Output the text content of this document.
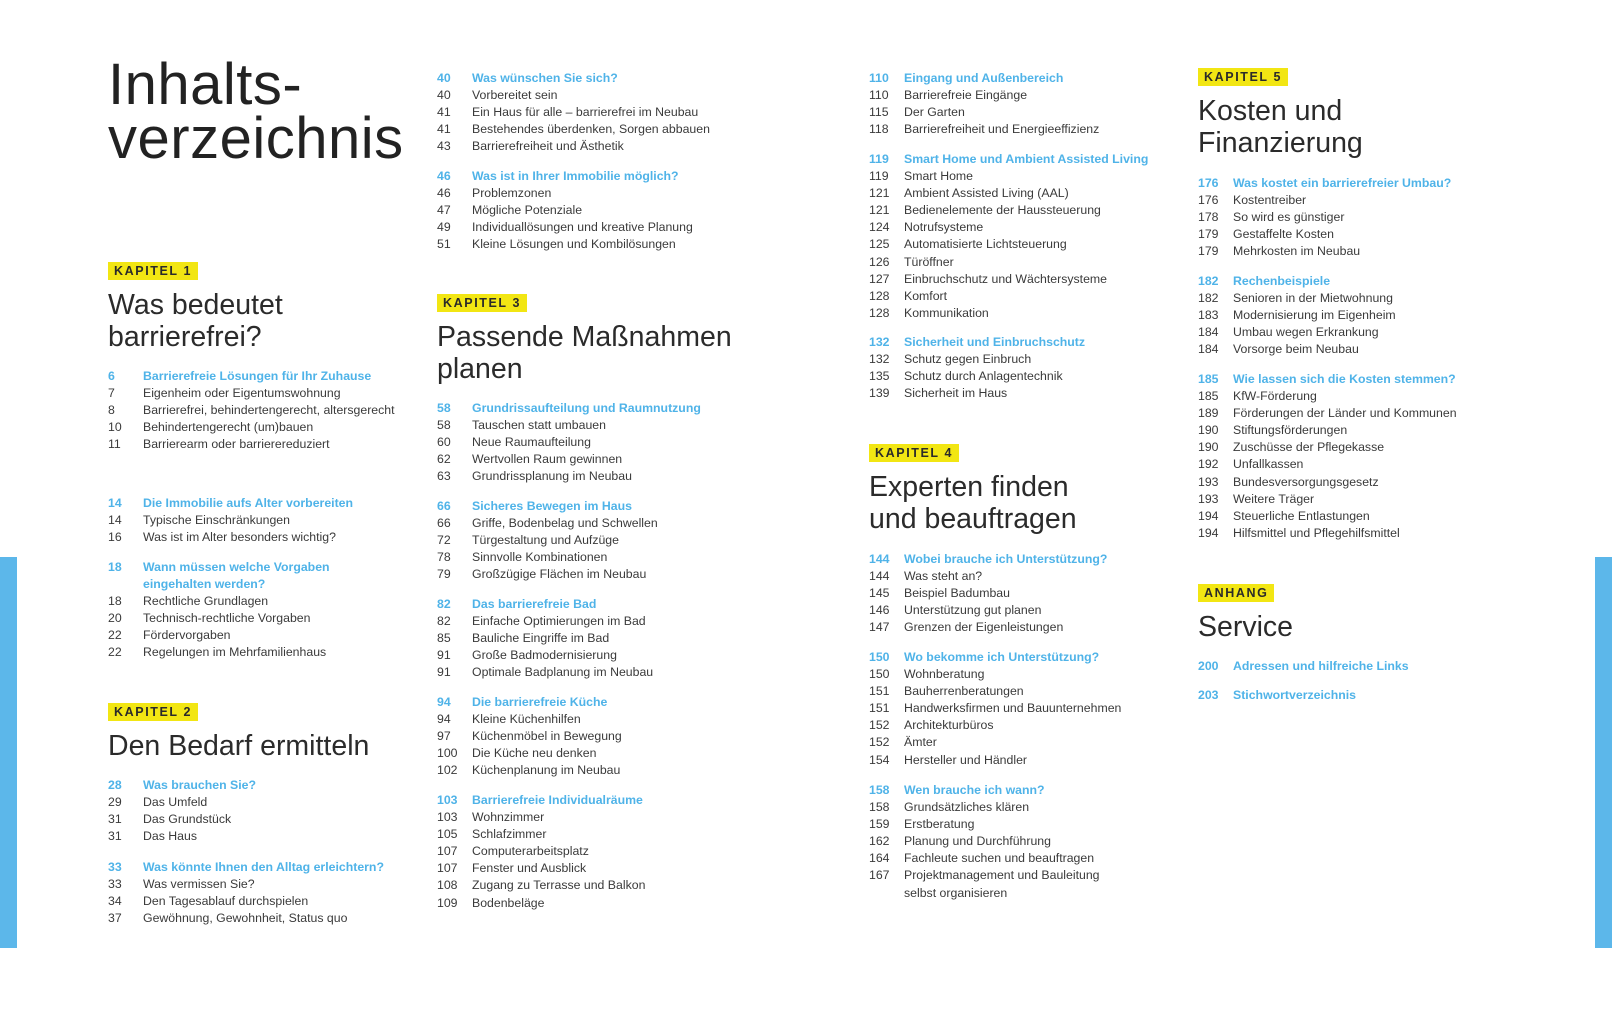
Inhalts-
verzeichnis
KAPITEL 1
Was bedeutet
barrierefrei?
KAPITEL 2
Den Bedarf ermitteln
KAPITEL 3
Passende Maßnahmen
planen
KAPITEL 4
Experten finden
und beauftragen
KAPITEL 5
Kosten und
Finanzierung
ANHANG
Service
6	Barrierefreie Lösungen für Ihr Zuhause
7	Eigenheim oder Eigentumswohnung
8	Barrierefrei, behindertengerecht, altersgerecht
10	Behindertengerecht (um)bauen
11	Barrierearm oder barrierereduziert
14	Die Immobilie aufs Alter vorbereiten
14	Typische Einschränkungen
16	Was ist im Alter besonders wichtig?
18	Wann müssen welche Vorgaben
eingehalten werden?
18	Rechtliche Grundlagen
20	Technisch-rechtliche Vorgaben
22	Fördervorgaben
22	Regelungen im Mehrfamilienhaus
28	Was brauchen Sie?
29	Das Umfeld
31	Das Grundstück
31	Das Haus
33	Was könnte Ihnen den Alltag erleichtern?
33	Was vermissen Sie?
34	Den Tagesablauf durchspielen
37	Gewöhnung, Gewohnheit, Status quo
40	Was wünschen Sie sich?
40	Vorbereitet sein
41	Ein Haus für alle – barrierefrei im Neubau
41	Bestehendes überdenken, Sorgen abbauen
43	Barrierefreiheit und Ästhetik
46	Was ist in Ihrer Immobilie möglich?
46	Problemzonen
47	Mögliche Potenziale
49	Individuallösungen und kreative Planung
51	Kleine Lösungen und Kombilösungen
58	Grundrissaufteilung und Raumnutzung
58	Tauschen statt umbauen
60	Neue Raumaufteilung
62	Wertvollen Raum gewinnen
63	Grundrissplanung im Neubau
66	Sicheres Bewegen im Haus
66	Griffe, Bodenbelag und Schwellen
72	Türgestaltung und Aufzüge
78	Sinnvolle Kombinationen
79	Großzügige Flächen im Neubau
82	Das barrierefreie Bad
82	Einfache Optimierungen im Bad
85	Bauliche Eingriffe im Bad
91	Große Badmodernisierung
91	Optimale Badplanung im Neubau
94	Die barrierefreie Küche
94	Kleine Küchenhilfen
97	Küchenmöbel in Bewegung
100	Die Küche neu denken
102	Küchenplanung im Neubau
103	Barrierefreie Individualräume
103	Wohnzimmer
105	Schlafzimmer
107	Computerarbeitsplatz
107	Fenster und Ausblick
108	Zugang zu Terrasse und Balkon
109	Bodenbeläge
110	Eingang und Außenbereich
110	Barrierefreie Eingänge
115	Der Garten
118	Barrierefreiheit und Energieeffizienz
119	Smart Home und Ambient Assisted Living
119	Smart Home
121	Ambient Assisted Living (AAL)
121	Bedienelemente der Haussteuerung
124	Notrufsysteme
125	Automatisierte Lichtsteuerung
126	Türöffner
127	Einbruchschutz und Wächtersysteme
128	Komfort
128	Kommunikation
132	Sicherheit und Einbruchschutz
132	Schutz gegen Einbruch
135	Schutz durch Anlagentechnik
139	Sicherheit im Haus
144	Wobei brauche ich Unterstützung?
144	Was steht an?
145	Beispiel Badumbau
146	Unterstützung gut planen
147	Grenzen der Eigenleistungen
150	Wo bekomme ich Unterstützung?
150	Wohnberatung
151	Bauherrenberatungen
151	Handwerksfirmen und Bauunternehmen
152	Architekturbüros
152	Ämter
154	Hersteller und Händler
158	Wen brauche ich wann?
158	Grundsätzliches klären
159	Erstberatung
162	Planung und Durchführung
164	Fachleute suchen und beauftragen
167	Projektmanagement und Bauleitung
selbst organisieren
176	Was kostet ein barrierefreier Umbau?
176	Kostentreiber
178	So wird es günstiger
179	Gestaffelte Kosten
179	Mehrkosten im Neubau
182	Rechenbeispiele
182	Senioren in der Mietwohnung
183	Modernisierung im Eigenheim
184	Umbau wegen Erkrankung
184	Vorsorge beim Neubau
185	Wie lassen sich die Kosten stemmen?
185	KfW-Förderung
189	Förderungen der Länder und Kommunen
190	Stiftungsförderungen
190	Zuschüsse der Pflegekasse
192	Unfallkassen
193	Bundesversorgungsgesetz
193	Weitere Träger
194	Steuerliche Entlastungen
194	Hilfsmittel und Pflegehilfsmittel
200	Adressen und hilfreiche Links
203	Stichwortverzeichnis
